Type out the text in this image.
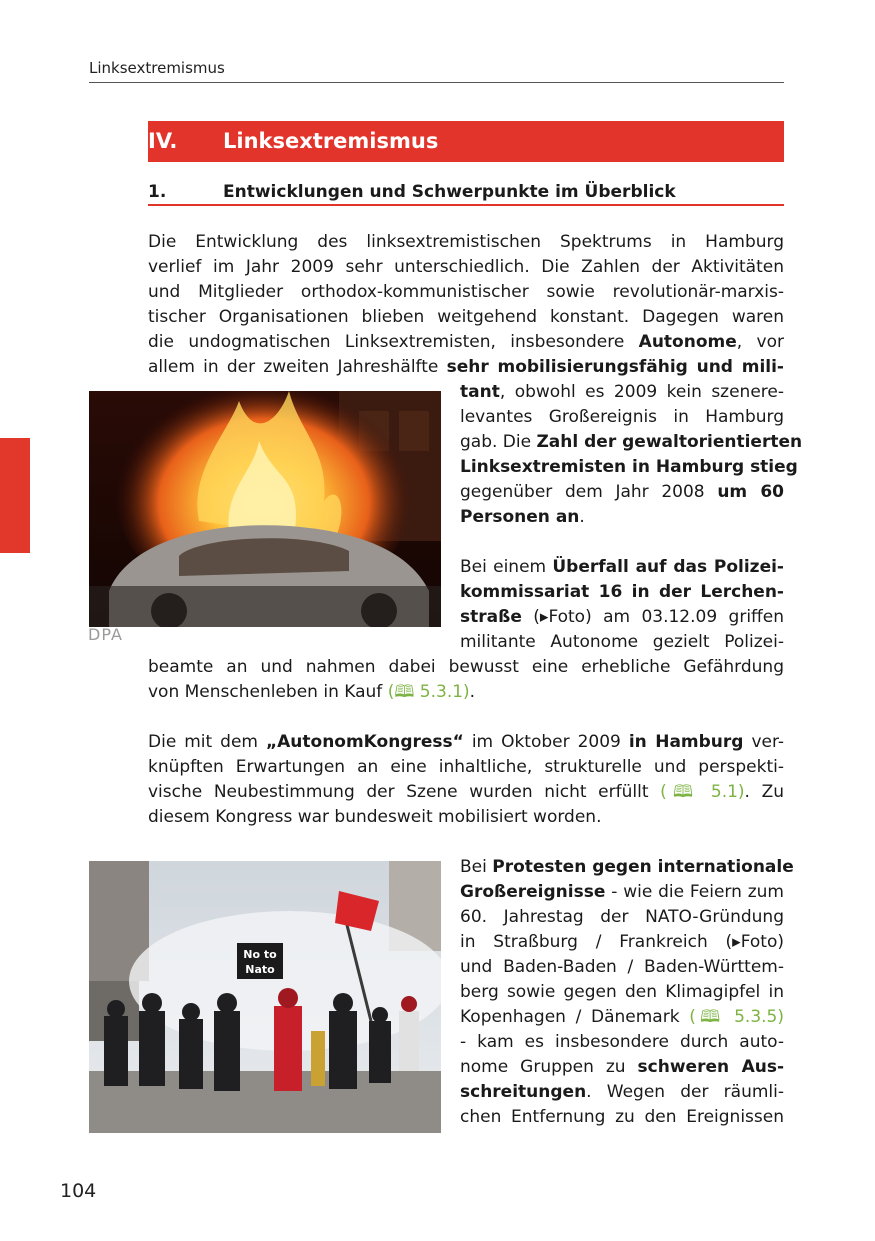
Linksextremismus
IV. Linksextremismus
1.	Entwicklungen und Schwerpunkte im Überblick
Die Entwicklung des linksextremistischen Spektrums in Hamburg
verlief im Jahr 2009 sehr unterschiedlich. Die Zahlen der Aktivitäten
und Mitglieder orthodox-kommunistischer sowie revolutionär-marxis-
tischer Organisationen blieben weitgehend konstant. Dagegen waren
die undogmatischen Linksextremisten, insbesondere Autonome, vor
allem in der zweiten Jahreshälfte sehr mobilisierungsfähig und mili-
tant, obwohl es 2009 kein szenere-
levantes Großereignis in Hamburg
gab. Die Zahl der gewaltorientierten
Linksextremisten in Hamburg stieg
gegenüber dem Jahr 2008 um 60
Personen an.
DPA
Bei einem Überfall auf das Polizei-
kommissariat 16 in der Lerchen-
straße (▸Foto) am 03.12.09 griffen
militante Autonome gezielt Polizei-
beamte an und nahmen dabei bewusst eine erhebliche Gefährdung
von Menschenleben in Kauf (🕮 5.3.1).
Die mit dem „AutonomKongress“ im Oktober 2009 in Hamburg ver-
knüpften Erwartungen an eine inhaltliche, strukturelle und perspekti-
vische Neubestimmung der Szene wurden nicht erfüllt (🕮 5.1). Zu
diesem Kongress war bundesweit mobilisiert worden.
No to
Nato
Bei Protesten gegen internationale
Großereignisse - wie die Feiern zum
60. Jahrestag der NATO-Gründung
in Straßburg / Frankreich (▸Foto)
und Baden-Baden / Baden-Württem-
berg sowie gegen den Klimagipfel in
Kopenhagen / Dänemark (🕮 5.3.5)
- kam es insbesondere durch auto-
nome Gruppen zu schweren Aus-
schreitungen. Wegen der räumli-
chen Entfernung zu den Ereignissen
104
